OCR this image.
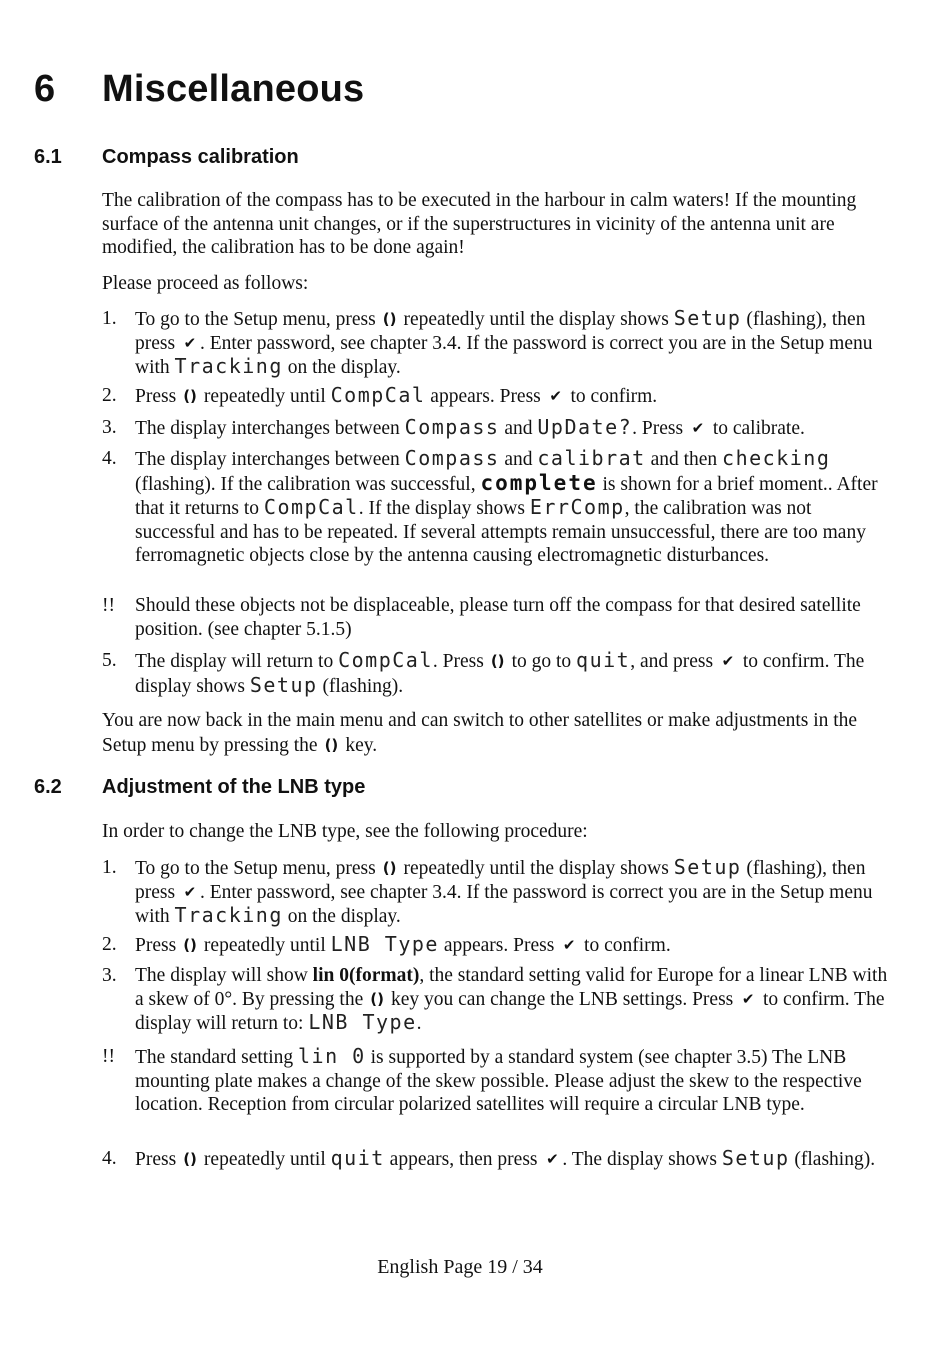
6 Miscellaneous
6.1 Compass calibration
The calibration of the compass has to be executed in the harbour in calm waters! If the mounting surface of the antenna unit changes, or if the superstructures in vicinity of the antenna unit are modified, the calibration has to be done again!
Please proceed as follows:
1. To go to the Setup menu, press () repeatedly until the display shows Setup (flashing), then press ✔ . Enter password, see chapter 3.4. If the password is correct you are in the Setup menu with Tracking on the display.
2. Press () repeatedly until CompCal appears. Press ✔ to confirm.
3. The display interchanges between Compass and UpDate?. Press ✔ to calibrate.
4. The display interchanges between Compass and calibrat and then checking (flashing). If the calibration was successful, complete is shown for a brief moment.. After that it returns to CompCal. If the display shows ErrComp, the calibration was not successful and has to be repeated. If several attempts remain unsuccessful, there are too many ferromagnetic objects close by the antenna causing electromagnetic disturbances.
!!	Should these objects not be displaceable, please turn off the compass for that desired satellite position. (see chapter 5.1.5)
5. The display will return to CompCal. Press () to go to quit, and press ✔ to confirm. The display shows Setup (flashing).
You are now back in the main menu and can switch to other satellites or make adjustments in the Setup menu by pressing the () key.
6.2 Adjustment of the LNB type
In order to change the LNB type, see the following procedure:
1. To go to the Setup menu, press () repeatedly until the display shows Setup (flashing), then press ✔ . Enter password, see chapter 3.4. If the password is correct you are in the Setup menu with Tracking on the display.
2. Press () repeatedly until LNB Type appears. Press ✔ to confirm.
3. The display will show lin 0(format), the standard setting valid for Europe for a linear LNB with a skew of 0°. By pressing the () key you can change the LNB settings. Press ✔ to confirm. The display will return to: LNB Type.
!!	The standard setting lin 0 is supported by a standard system (see chapter 3.5) The LNB mounting plate makes a change of the skew possible. Please adjust the skew to the respective location. Reception from circular polarized satellites will require a circular LNB type.
4. Press () repeatedly until quit appears, then press ✔ . The display shows Setup (flashing).
English Page 19 / 34
